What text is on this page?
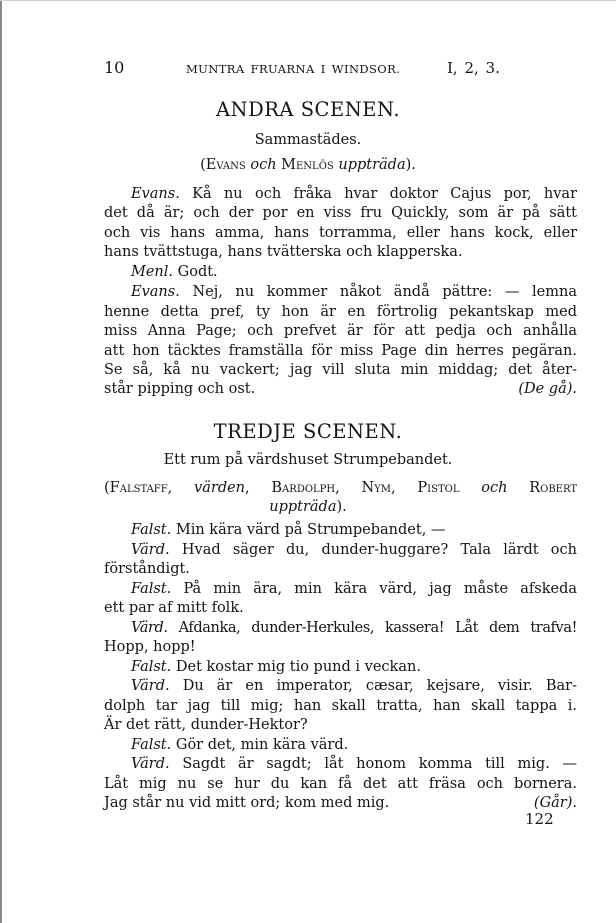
10	MUNTRA FRUARNA I WINDSOR.	I, 2, 3.
ANDRA SCENEN.
Sammastädes.
(Evans och Menlös uppträda).
Evans. Kå nu och fråka hvar doktor Cajus por, hvar
det då är; och der por en viss fru Quickly, som är på sätt
och vis hans amma, hans torramma, eller hans kock, eller
hans tvättstuga, hans tvätterska och klapperska.
Menl. Godt.
Evans. Nej, nu kommer nåkot ändå pättre: — lemna
henne detta pref, ty hon är en förtrolig pekantskap med
miss Anna Page; och prefvet är för att pedja och anhålla
att hon täcktes framställa för miss Page din herres pegäran.
Se så, kå nu vackert; jag vill sluta min middag; det åter-
står pipping och ost.	(De gå).
TREDJE SCENEN.
Ett rum på värdshuset Strumpebandet.
(Falstaff, värden, Bardolph, Nym, Pistol och Robert
uppträda).
Falst. Min kära värd på Strumpebandet, —
Värd. Hvad säger du, dunder-huggare? Tala lärdt och
förståndigt.
Falst. På min ära, min kära värd, jag måste afskeda
ett par af mitt folk.
Värd. Afdanka, dunder-Herkules, kassera! Låt dem trafva!
Hopp, hopp!
Falst. Det kostar mig tio pund i veckan.
Värd. Du är en imperator, cæsar, kejsare, visir. Bar-
dolph tar jag till mig; han skall tratta, han skall tappa i.
Är det rätt, dunder-Hektor?
Falst. Gör det, min kära värd.
Värd. Sagdt är sagdt; låt honom komma till mig. —
Låt mig nu se hur du kan få det att fräsa och bornera.
Jag står nu vid mitt ord; kom med mig.	(Går).
122
